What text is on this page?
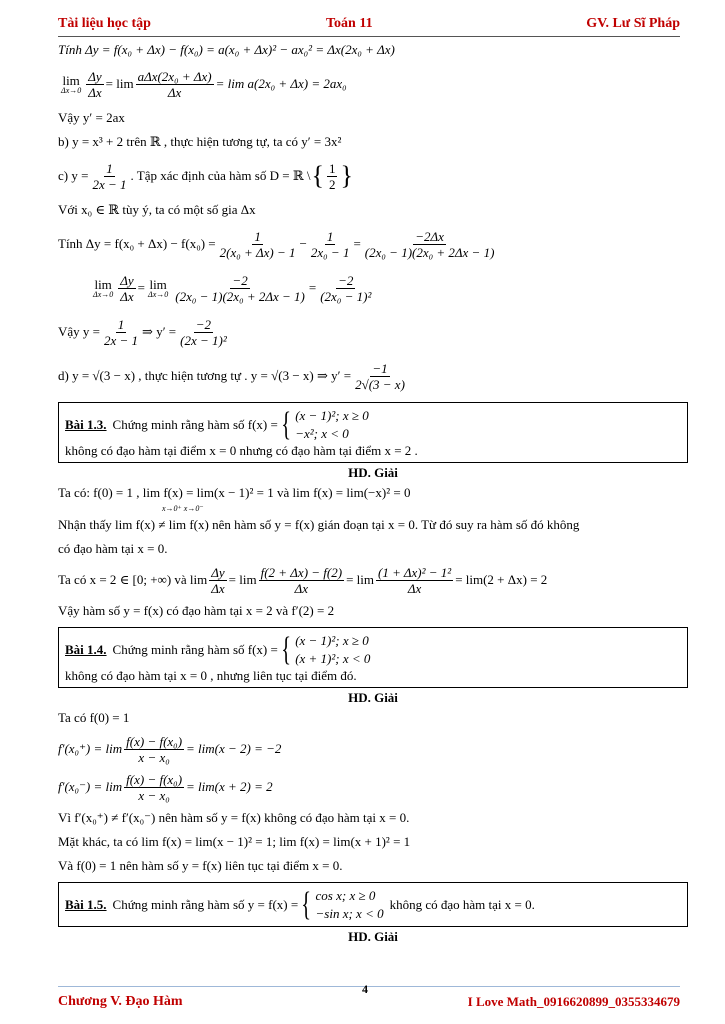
Tài liệu học tập	Toán 11	GV. Lư Sĩ Pháp
Tính Δy = f(x₀ + Δx) − f(x₀) = a(x₀ + Δx)² − ax₀² = Δx(2x₀ + Δx)
lim
$\Delta x\to 0 \frac{\Delta y}{\Delta x} = \lim \frac{\text{aΔx(2x₀ + Δx)}}{\Delta x} = \lim a(2x_0 + \Delta x) = 2ax_0$
Vậy y′ = 2ax
b) y = x³ + 2 trên ℝ , thực hiện tương tự, ta có y′ = 3x²
c) $y = \frac{1}{2x - 1}$ . Tập xác định của hàm số D = ℝ \ { $\frac{1}{2}$ }
Với x₀ ∈ ℝ tùy ý, ta có một số gia Δx
Tính $\Delta y = f(x_0 + \Delta x) - f(x_0) = \frac{1}{\text{2(x₀ + Δx) − 1}} - \frac{1}{\text{2x₀ − 1}} = \frac{-2\Delta x}{\text{(2x₀ − 1)(2x₀ + 2Δx − 1)}}$
lim
$\Delta x\to 0 \frac{\Delta y}{\Delta x} = \lim$
$\Delta x\to 0 \frac{-2}{\text{(2x₀ − 1)(2x₀ + 2Δx − 1)}} = \frac{-2}{\text{(2x₀ − 1)²}}$
Vậy $y = \frac{1}{2x - 1}$ ⇒ $y' = \frac{-2}{\text{(2x − 1)²}}$
d) y = √(3 − x) , thực hiện tương tự . y = √(3 − x) ⇒ $y' = \frac{-1}{2√(3 - x)}$
Bài 1.3. Chứng minh rằng hàm số f(x) = { (x − 1)²; x ≥ 0
−x²; x < 0
không có đạo hàm tại điểm x = 0 nhưng có đạo hàm tại điểm x = 2 .
HD. Giải
Ta có: f(0) = 1 , lim f(x) = lim(x − 1)² = 1 và lim f(x) = lim(−x)² = 0
x→0⁺ x→0⁻
Nhận thấy lim f(x) ≠ lim f(x) nên hàm số y = f(x) gián đoạn tại x = 0. Từ đó suy ra hàm số đó không
có đạo hàm tại x = 0.
Ta có x = 2 ∈ [0; +∞) và $\lim \frac{\Delta y}{\Delta x} = \lim \frac{f(2 + \Delta x) - f(2)}{\Delta x} = \lim \frac{\text{(1 + Δx)² − 1²}}{\Delta x} = \lim(2 + \Delta x) = 2$
Vậy hàm số y = f(x) có đạo hàm tại x = 2 và f′(2) = 2
Bài 1.4. Chứng minh rằng hàm số f(x) = { (x − 1)²; x ≥ 0
(x + 1)²; x < 0
không có đạo hàm tại x = 0 , nhưng liên tục tại điểm đó.
HD. Giải
Ta có f(0) = 1
$f'(x_0^+) = \lim \frac{\text{f(x) − f(x₀)}}{\text{x − x₀}} = \lim(x - 2) = -2$
$f'(x_0^-) = \lim \frac{\text{f(x) − f(x₀)}}{\text{x − x₀}} = \lim(x + 2) = 2$
Vì f′(x₀⁺) ≠ f′(x₀⁻) nên hàm số y = f(x) không có đạo hàm tại x = 0.
Mặt khác, ta có lim f(x) = lim(x − 1)² = 1; lim f(x) = lim(x + 1)² = 1
Và f(0) = 1 nên hàm số y = f(x) liên tục tại điểm x = 0.
Bài 1.5. Chứng minh rằng hàm số y = f(x) = { cos x; x ≥ 0
−sin x; x < 0
không có đạo hàm tại x = 0.
HD. Giải
Chương V. Đạo Hàm
4
I Love Math_0916620899_0355334679
